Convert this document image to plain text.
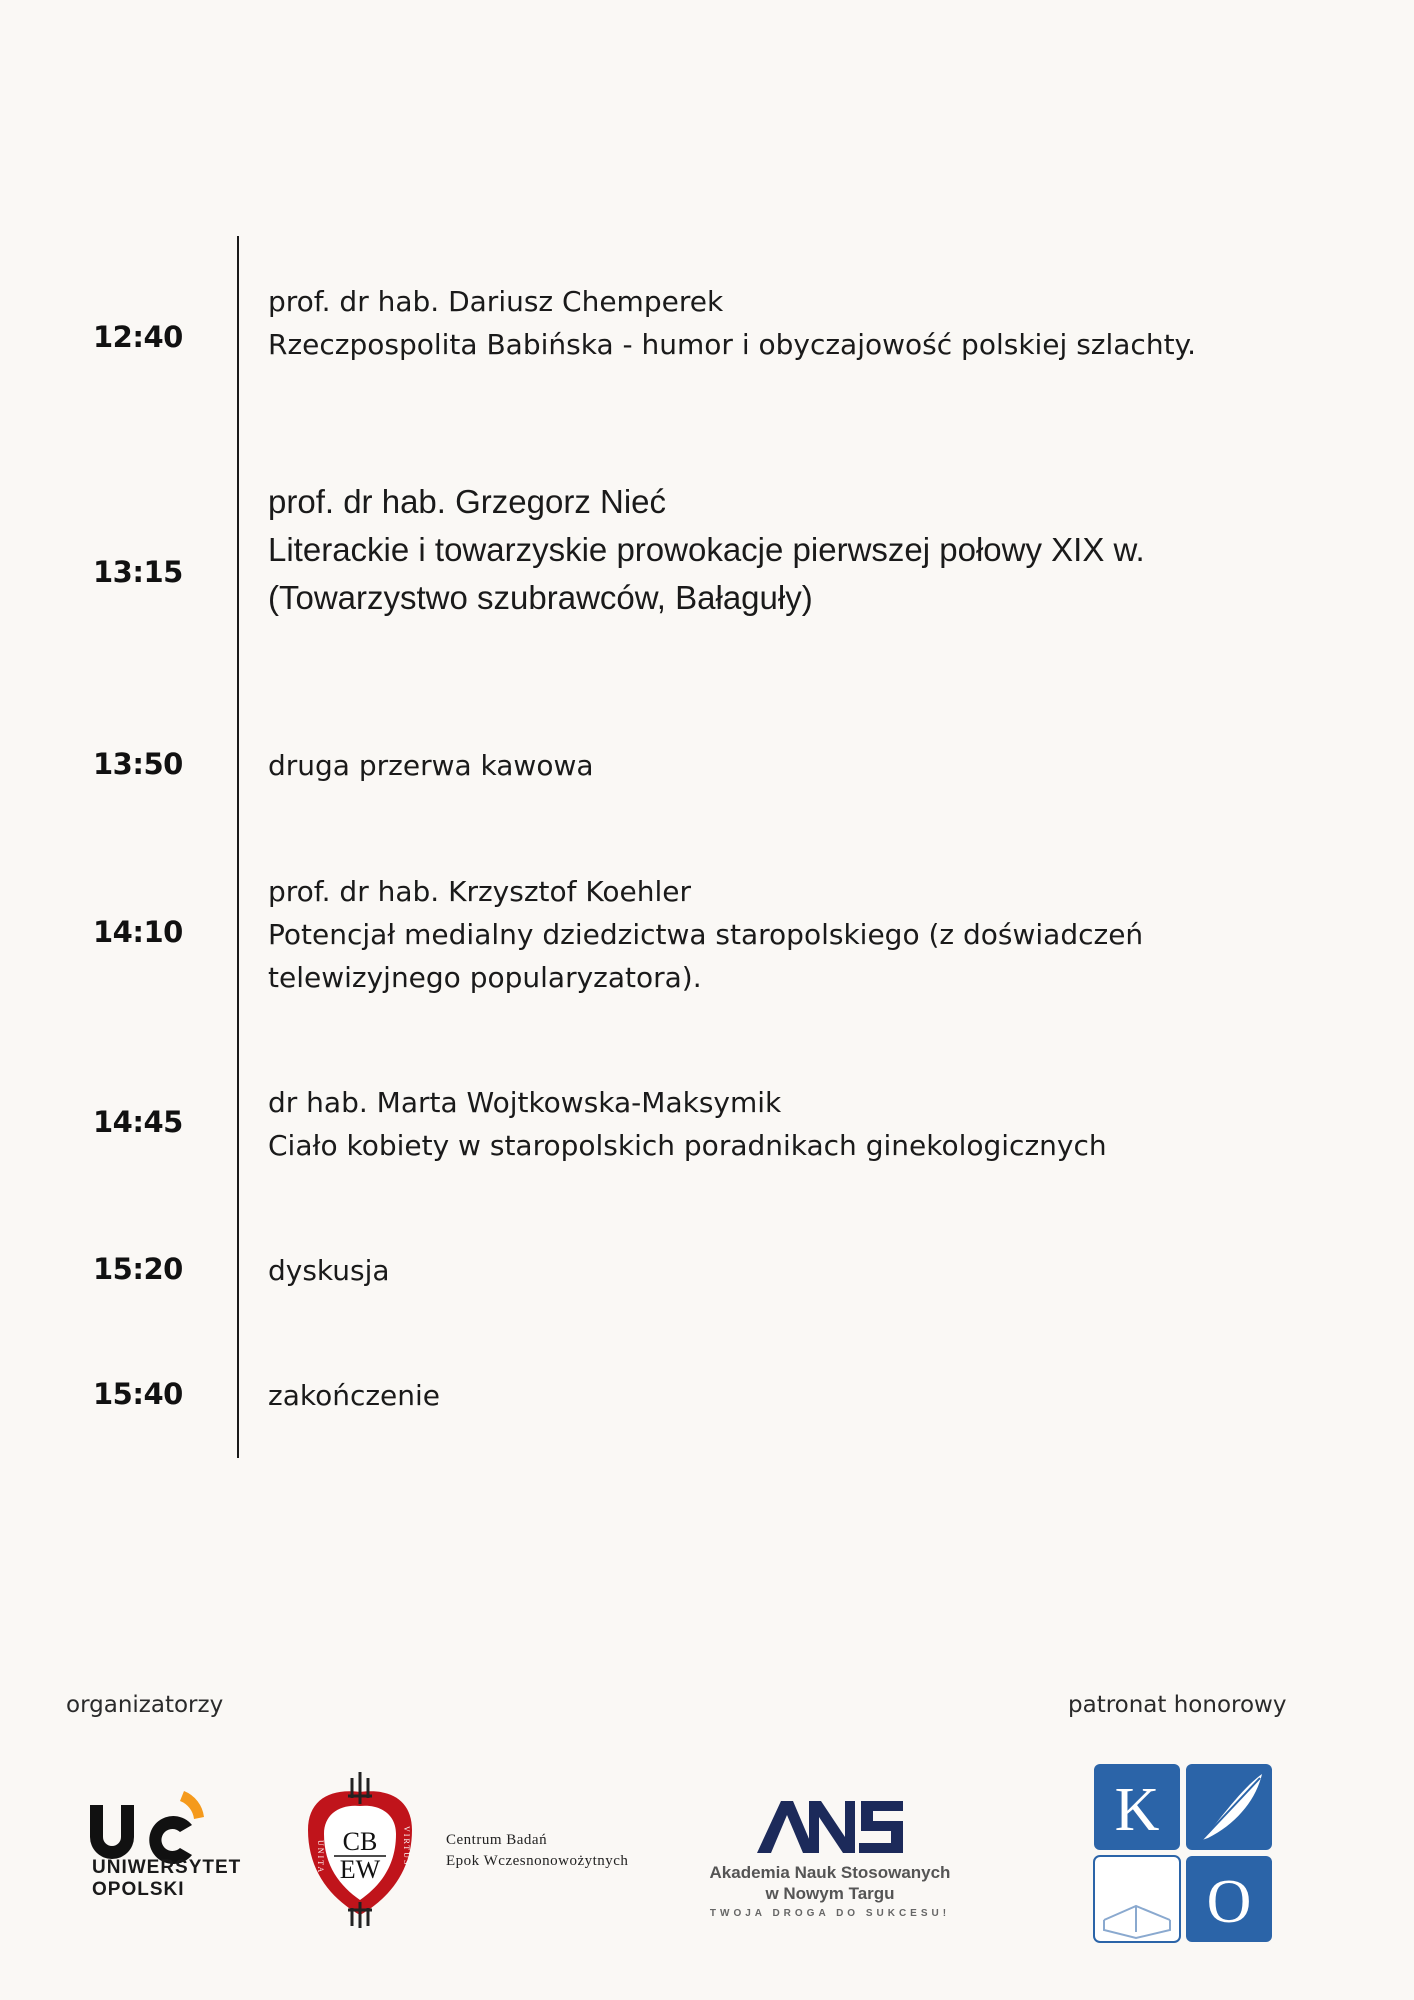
12:40
prof. dr hab. Dariusz Chemperek
Rzeczpospolita Babińska - humor i obyczajowość polskiej szlachty.
13:15
prof. dr hab. Grzegorz Nieć
Literackie i towarzyskie prowokacje pierwszej połowy XIX w.
(Towarzystwo szubrawców, Bałaguły)
13:50	druga przerwa kawowa
14:10
prof. dr hab. Krzysztof Koehler
Potencjał medialny dziedzictwa staropolskiego (z doświadczeń
telewizyjnego popularyzatora).
14:45
dr hab. Marta Wojtkowska-Maksymik
Ciało kobiety w staropolskich poradnikach ginekologicznych
15:20	dyskusja
15:40	zakończenie
organizatorzy	patronat honorowy
UNIWERSYTET
OPOLSKI
CB
EW
UNITA	VIRTUS Centrum Badań
Epok Wczesnonowożytnych
Akademia Nauk Stosowanych
w Nowym Targu
TWOJA DROGA DO SUKCESU!
K
O
